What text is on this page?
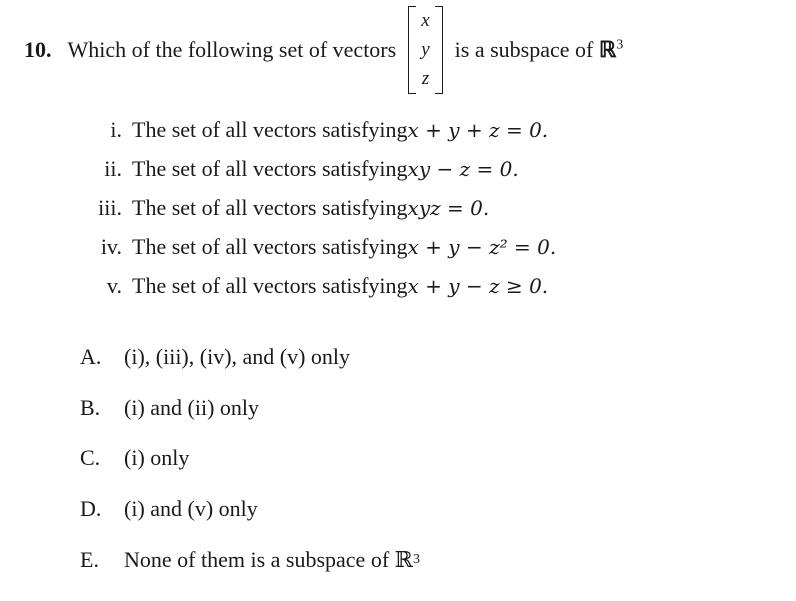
10. Which of the following set of vectors
x
y
z
is a subspace of ℝ$^3$
i. The set of all vectors satisfying x + y + z = 0.
ii. The set of all vectors satisfying xy − z = 0.
iii. The set of all vectors satisfying xyz = 0.
iv. The set of all vectors satisfying x + y − z² = 0.
v. The set of all vectors satisfying x + y − z ≥ 0.
A.	(i), (iii), (iv), and (v) only
B.	(i) and (ii) only
C.	(i) only
D.	(i) and (v) only
E.	None of them is a subspace of ℝ 3
